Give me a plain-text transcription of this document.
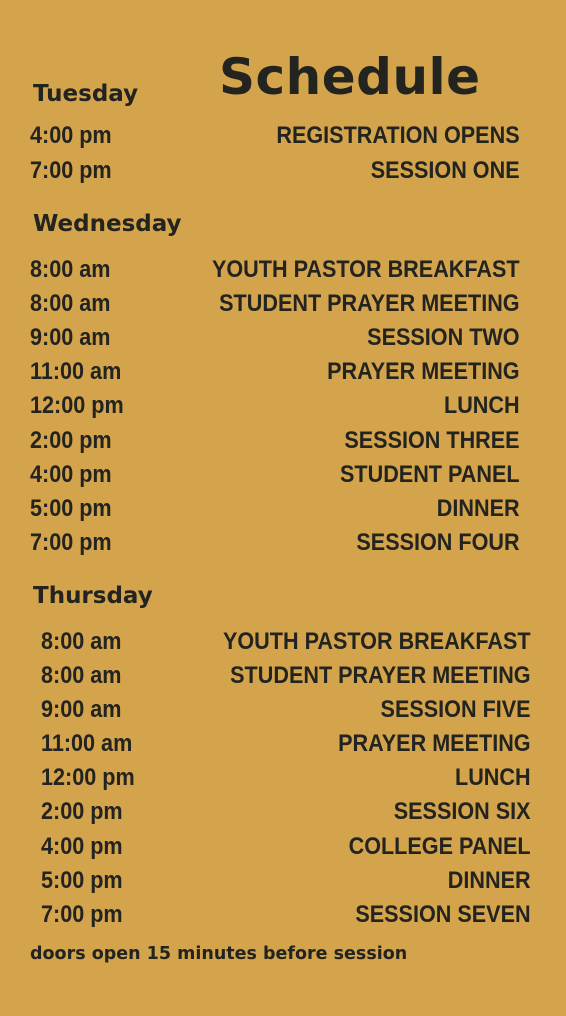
Schedule
Tuesday
4:00 pm	REGISTRATION OPENS
7:00 pm	SESSION ONE
Wednesday
8:00 am	YOUTH PASTOR BREAKFAST
8:00 am	STUDENT PRAYER MEETING
9:00 am	SESSION TWO
11:00 am	PRAYER MEETING
12:00 pm	LUNCH
2:00 pm	SESSION THREE
4:00 pm	STUDENT PANEL
5:00 pm	DINNER
7:00 pm	SESSION FOUR
Thursday
8:00 am	YOUTH PASTOR BREAKFAST
8:00 am	STUDENT PRAYER MEETING
9:00 am	SESSION FIVE
11:00 am	PRAYER MEETING
12:00 pm	LUNCH
2:00 pm	SESSION SIX
4:00 pm	COLLEGE PANEL
5:00 pm	DINNER
7:00 pm	SESSION SEVEN
doors open 15 minutes before session
